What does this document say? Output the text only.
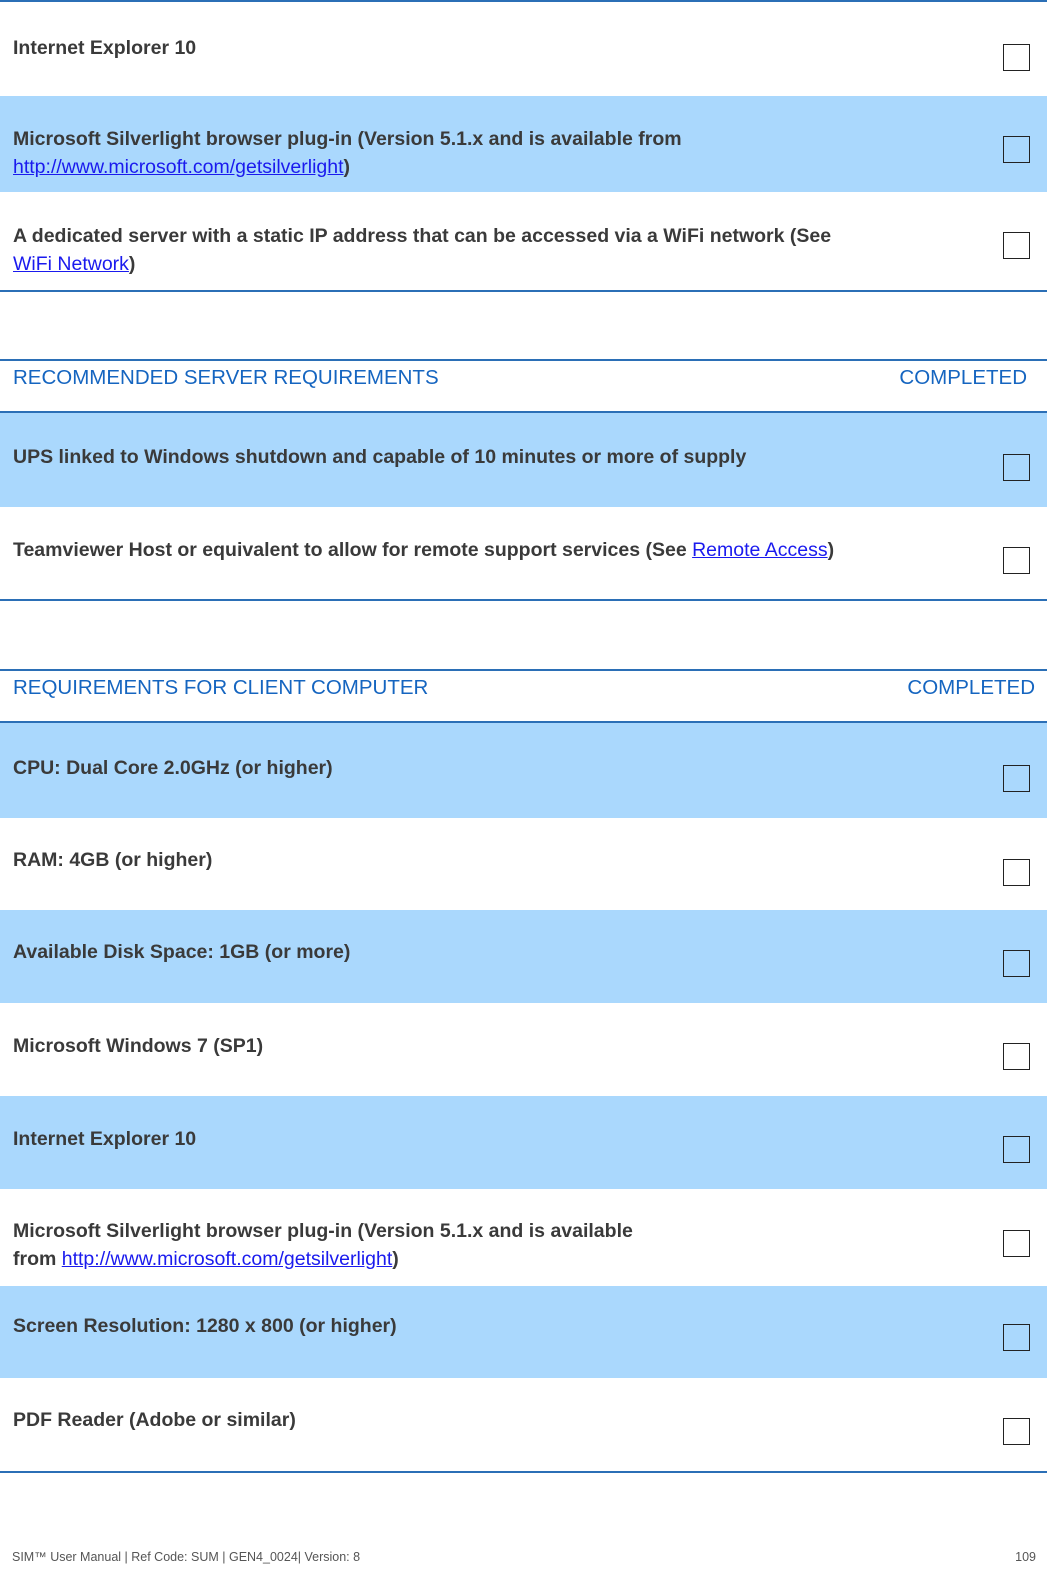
Internet Explorer 10
Microsoft Silverlight browser plug-in (Version 5.1.x and is available from
http://www.microsoft.com/getsilverlight)
A dedicated server with a static IP address that can be accessed via a WiFi network (See
WiFi Network)
RECOMMENDED SERVER REQUIREMENTS	COMPLETED
UPS linked to Windows shutdown and capable of 10 minutes or more of supply
Teamviewer Host or equivalent to allow for remote support services (See Remote Access)
REQUIREMENTS FOR CLIENT COMPUTER	COMPLETED
CPU: Dual Core 2.0GHz (or higher)
RAM: 4GB (or higher)
Available Disk Space: 1GB (or more)
Microsoft Windows 7 (SP1)
Internet Explorer 10
Microsoft Silverlight browser plug-in (Version 5.1.x and is available
from http://www.microsoft.com/getsilverlight)
Screen Resolution: 1280 x 800 (or higher)
PDF Reader (Adobe or similar)
SIM™ User Manual | Ref Code: SUM | GEN4_0024| Version: 8	109
